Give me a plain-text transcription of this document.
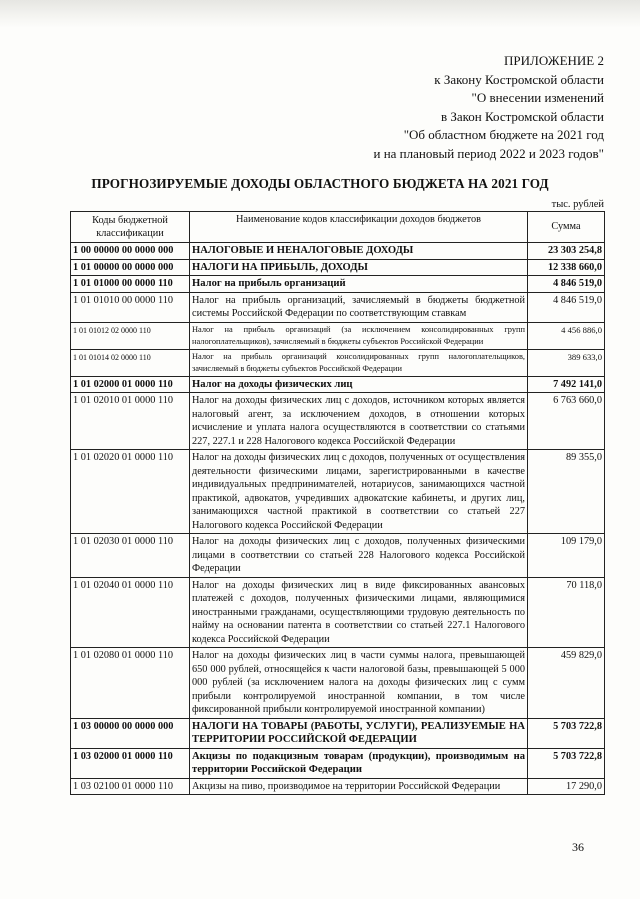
ПРИЛОЖЕНИЕ 2
к Закону Костромской области
"О внесении изменений
в Закон Костромской области
"Об областном бюджете на 2021 год
и на плановый период 2022 и 2023 годов"
ПРОГНОЗИРУЕМЫЕ ДОХОДЫ ОБЛАСТНОГО БЮДЖЕТА НА 2021 ГОД
тыс. рублей
Коды бюджетной классификации	Наименование кодов классификации доходов бюджетов	Сумма
1 00 00000 00 0000 000	НАЛОГОВЫЕ И НЕНАЛОГОВЫЕ ДОХОДЫ	23 303 254,8
1 01 00000 00 0000 000	НАЛОГИ НА ПРИБЫЛЬ, ДОХОДЫ	12 338 660,0
1 01 01000 00 0000 110	Налог на прибыль организаций	4 846 519,0
1 01 01010 00 0000 110	Налог на прибыль организаций, зачисляемый в бюджеты бюджетной системы Российской Федерации по соответствующим ставкам	4 846 519,0
1 01 01012 02 0000 110	Налог на прибыль организаций (за исключением консолидированных групп налогоплательщиков), зачисляемый в бюджеты субъектов Российской Федерации	4 456 886,0
1 01 01014 02 0000 110	Налог на прибыль организаций консолидированных групп налогоплательщиков, зачисляемый в бюджеты субъектов Российской Федерации	389 633,0
1 01 02000 01 0000 110	Налог на доходы физических лиц	7 492 141,0
1 01 02010 01 0000 110	Налог на доходы физических лиц с доходов, источником которых является налоговый агент, за исключением доходов, в отношении которых исчисление и уплата налога осуществляются в соответствии со статьями 227, 227.1 и 228 Налогового кодекса Российской Федерации	6 763 660,0
1 01 02020 01 0000 110	Налог на доходы физических лиц с доходов, полученных от осуществления деятельности физическими лицами, зарегистрированными в качестве индивидуальных предпринимателей, нотариусов, занимающихся частной практикой, адвокатов, учредивших адвокатские кабинеты, и других лиц, занимающихся частной практикой в соответствии со статьей 227 Налогового кодекса Российской Федерации	89 355,0
1 01 02030 01 0000 110	Налог на доходы физических лиц с доходов, полученных физическими лицами в соответствии со статьей 228 Налогового кодекса Российской Федерации	109 179,0
1 01 02040 01 0000 110	Налог на доходы физических лиц в виде фиксированных авансовых платежей с доходов, полученных физическими лицами, являющимися иностранными гражданами, осуществляющими трудовую деятельность по найму на основании патента в соответствии со статьей 227.1 Налогового кодекса Российской Федерации	70 118,0
1 01 02080 01 0000 110	Налог на доходы физических лиц в части суммы налога, превышающей 650 000 рублей, относящейся к части налоговой базы, превышающей 5 000 000 рублей (за исключением налога на доходы физических лиц с сумм прибыли контролируемой иностранной компании, в том числе фиксированной прибыли контролируемой иностранной компании)	459 829,0
1 03 00000 00 0000 000	НАЛОГИ НА ТОВАРЫ (РАБОТЫ, УСЛУГИ), РЕАЛИЗУЕМЫЕ НА ТЕРРИТОРИИ РОССИЙСКОЙ ФЕДЕРАЦИИ	5 703 722,8
1 03 02000 01 0000 110	Акцизы по подакцизным товарам (продукции), производимым на территории Российской Федерации	5 703 722,8
1 03 02100 01 0000 110	Акцизы на пиво, производимое на территории Российской Федерации	17 290,0
36
